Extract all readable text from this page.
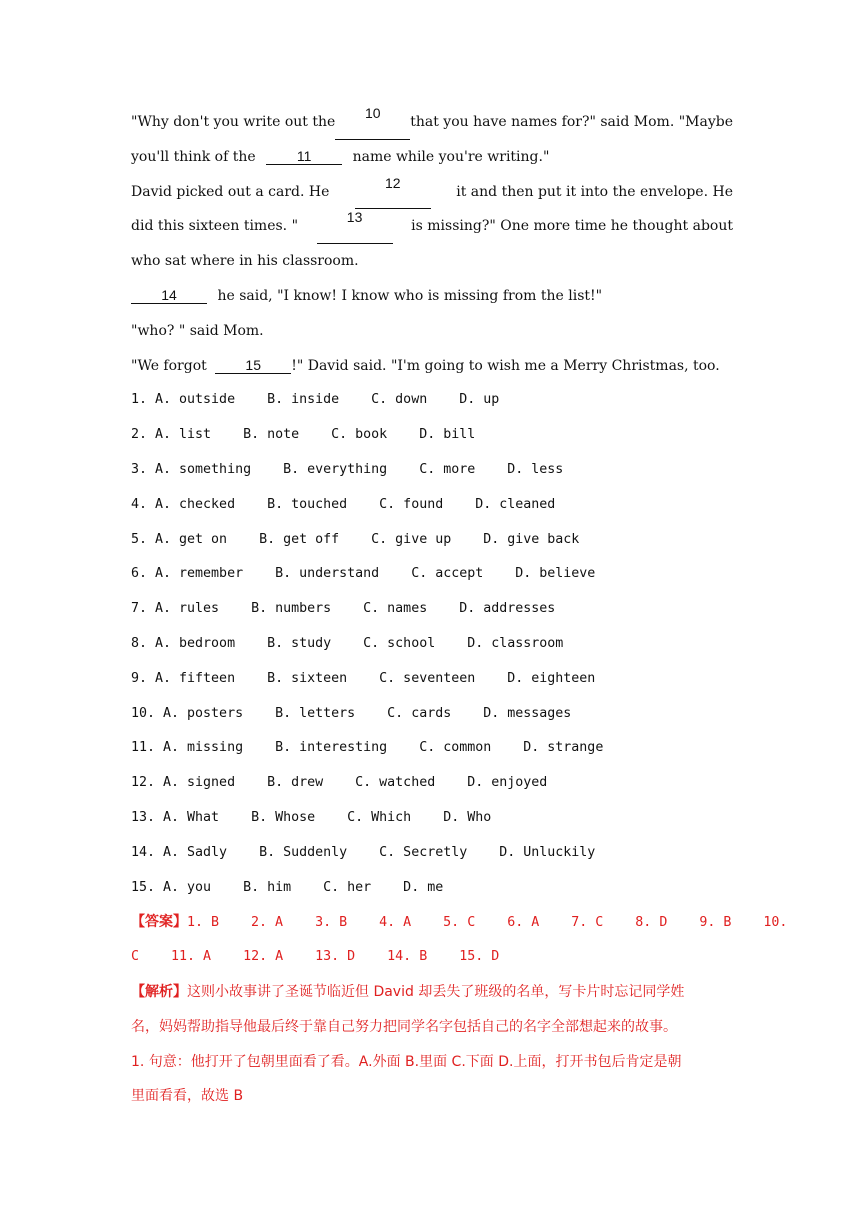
"Why don't you write out the
10
that you have names for?" said Mom. "Maybe
you'll think of the	11	name while you're writing."
David picked out a card. He
12
it and then put it into the envelope. He
did this sixteen times. "
13
is missing?" One more time he thought about
who sat where in his classroom.
14	he said, "I know! I know who is missing from the list!"
"who? " said Mom.
"We forgot	15 !" David said. "I'm going to wish me a Merry Christmas, too.
1. A. outside    B. inside    C. down    D. up
2. A. list    B. note    C. book    D. bill
3. A. something    B. everything    C. more    D. less
4. A. checked    B. touched    C. found    D. cleaned
5. A. get on    B. get off    C. give up    D. give back
6. A. remember    B. understand    C. accept    D. believe
7. A. rules    B. numbers    C. names    D. addresses
8. A. bedroom    B. study    C. school    D. classroom
9. A. fifteen    B. sixteen    C. seventeen    D. eighteen
10. A. posters    B. letters    C. cards    D. messages
11. A. missing    B. interesting    C. common    D. strange
12. A. signed    B. drew    C. watched    D. enjoyed
13. A. What    B. Whose    C. Which    D. Who
14. A. Sadly    B. Suddenly    C. Secretly    D. Unluckily
15. A. you    B. him    C. her    D. me
【答案】1. B    2. A    3. B    4. A    5. C    6. A    7. C    8. D    9. B    10.
C    11. A    12. A    13. D    14. B    15. D
【解析】这则小故事讲了圣诞节临近但 David 却丢失了班级的名单，写卡片时忘记同学姓
名，妈妈帮助指导他最后终于靠自己努力把同学名字包括自己的名字全部想起来的故事。
1. 句意：他打开了包朝里面看了看。A.外面 B.里面 C.下面 D.上面，打开书包后肯定是朝
里面看看，故选 B
